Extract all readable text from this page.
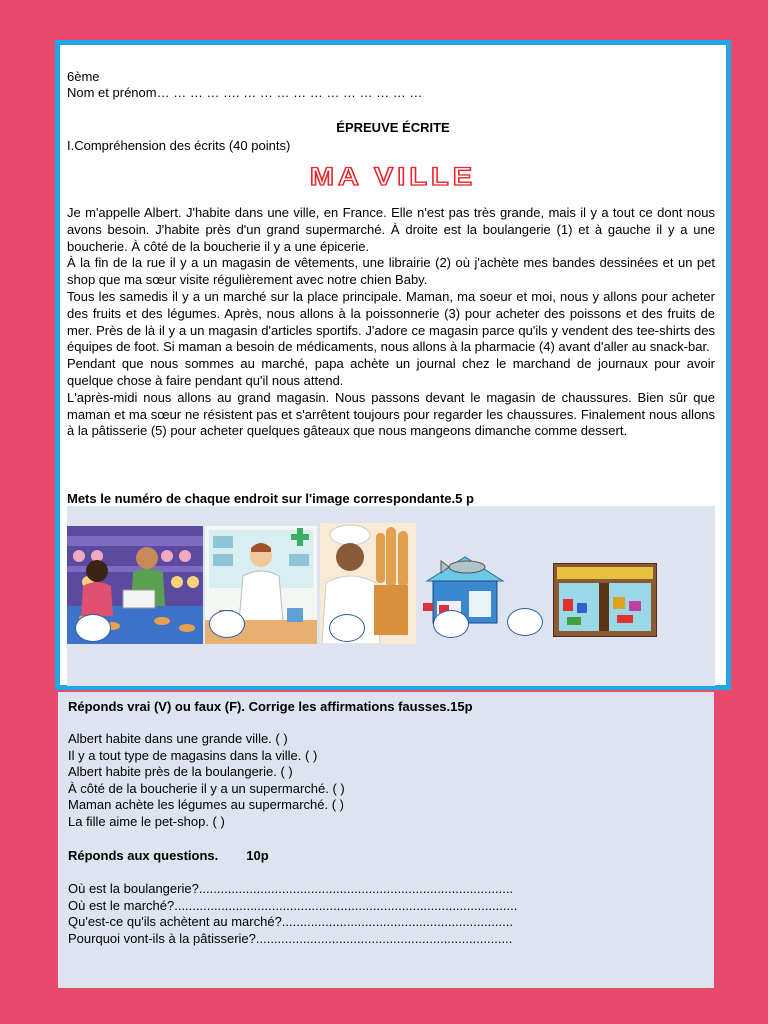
6ème
Nom et prénom… … … … …. … … … … … … … … … … …
ÉPREUVE ÉCRITE
I.Compréhension des écrits (40 points)
MA VILLE

Je m'appelle Albert. J'habite dans une ville, en France. Elle n'est pas très grande, mais il y a tout ce dont nous avons besoin. J'habite près d'un grand supermarché. À droite est la boulangerie (1) et à gauche il y a une boucherie. À côté de la boucherie il y a une épicerie.

À la fin de la rue il y a un magasin de vêtements, une librairie (2) où j'achète mes bandes dessinées et un pet shop que ma sœur visite régulièrement avec notre chien Baby.

Tous les samedis il y a un marché sur la place principale. Maman, ma soeur et moi, nous y allons pour acheter des fruits et des légumes. Après, nous allons à la poissonnerie (3) pour acheter des poissons et des fruits de mer. Près de là il y a un magasin d'articles sportifs. J'adore ce magasin parce qu'ils y vendent des tee-shirts des équipes de foot. Si maman a besoin de médicaments, nous allons à la pharmacie (4) avant d'aller au snack-bar.

Pendant que nous sommes au marché, papa achète un journal chez le marchand de journaux pour avoir quelque chose à faire pendant qu'il nous attend.

L'après-midi nous allons au grand magasin. Nous passons devant le magasin de chaussures. Bien sûr que maman et ma sœur ne résistent pas et s'arrêtent toujours pour regarder les chaussures. Finalement nous allons à la pâtisserie (5) pour acheter quelques gâteaux que nous mangeons dimanche comme dessert.

Mets le numéro de chaque endroit sur l'image correspondante.5 p
Réponds vrai (V) ou faux (F). Corrige les affirmations fausses.15p
Albert habite dans une grande ville. ( )
Il y a tout type de magasins dans la ville. ( )
Albert habite près de la boulangerie. ( )
À côté de la boucherie il y a un supermarché. ( )
Maman achète les légumes au supermarché. ( )
La fille aime le pet-shop. ( )
Réponds aux questions. 10p
Où est la boulangerie?.......................................................................................
Où est le marché?...............................................................................................
Qu'est-ce qu'ils achètent au marché?................................................................
Pourquoi vont-ils à la pâtisserie?.......................................................................
